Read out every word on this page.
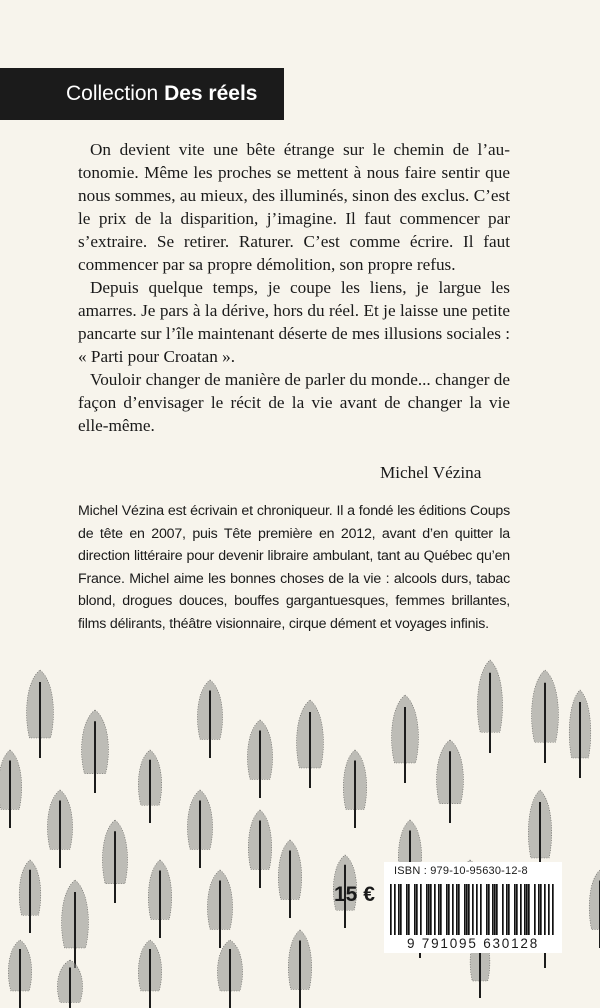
Collection Des réels

On devient vite une bête étrange sur le chemin de l’autonomie. Même les proches se mettent à nous faire sentir que nous sommes, au mieux, des illuminés, sinon des exclus. C’est le prix de la disparition, j’imagine. Il faut commencer par s’extraire. Se retirer. Raturer. C’est comme écrire. Il faut commencer par sa propre démolition, son propre refus.

Depuis quelque temps, je coupe les liens, je largue les amarres. Je pars à la dérive, hors du réel. Et je laisse une petite pancarte sur l’île maintenant déserte de mes illusions sociales : « Parti pour Croatan ».

Vouloir changer de manière de parler du monde... changer de façon d’envisager le récit de la vie avant de changer la vie elle-même.

Michel Vézina

Michel Vézina est écrivain et chroniqueur. Il a fondé les éditions Coups de tête en 2007, puis Tête première en 2012, avant d’en quitter la direction littéraire pour devenir libraire ambulant, tant au Québec qu’en France. Michel aime les bonnes choses de la vie : alcools durs, tabac blond, drogues douces, bouffes gargantuesques, femmes brillantes, films délirants, théâtre visionnaire, cirque dément et voyages infinis.

ISBN : 979-10-95630-12-8
15 €
9 791095 630128
